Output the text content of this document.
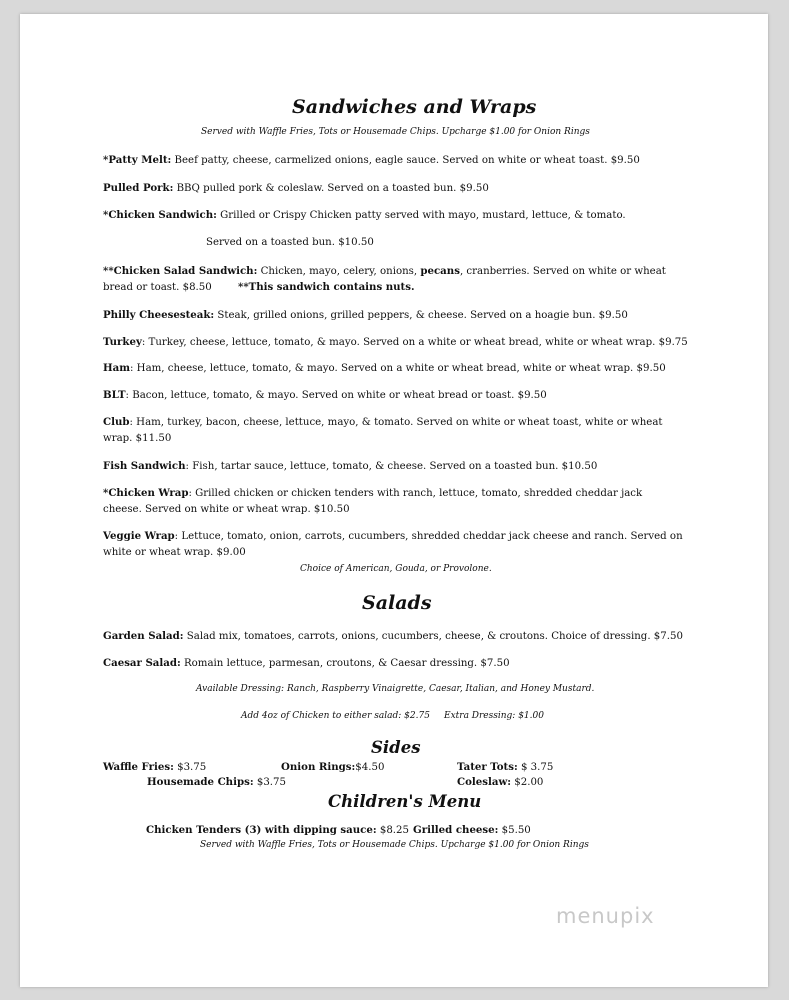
Sandwiches and Wraps
Served with Waffle Fries, Tots or Housemade Chips. Upcharge $1.00 for Onion Rings
*Patty Melt: Beef patty, cheese, carmelized onions, eagle sauce. Served on white or wheat toast. $9.50
Pulled Pork: BBQ pulled pork & coleslaw. Served on a toasted bun. $9.50
*Chicken Sandwich: Grilled or Crispy Chicken patty served with mayo, mustard, lettuce, & tomato.
Served on a toasted bun. $10.50
**Chicken Salad Sandwich: Chicken, mayo, celery, onions, pecans, cranberries. Served on white or wheat bread or toast. $8.50	**This sandwich contains nuts.
Philly Cheesesteak: Steak, grilled onions, grilled peppers, & cheese. Served on a hoagie bun. $9.50
Turkey: Turkey, cheese, lettuce, tomato, & mayo. Served on a white or wheat bread, white or wheat wrap. $9.75
Ham: Ham, cheese, lettuce, tomato, & mayo. Served on a white or wheat bread, white or wheat wrap. $9.50
BLT: Bacon, lettuce, tomato, & mayo. Served on white or wheat bread or toast. $9.50
Club: Ham, turkey, bacon, cheese, lettuce, mayo, & tomato. Served on white or wheat toast, white or wheat wrap. $11.50
Fish Sandwich: Fish, tartar sauce, lettuce, tomato, & cheese. Served on a toasted bun. $10.50
*Chicken Wrap: Grilled chicken or chicken tenders with ranch, lettuce, tomato, shredded cheddar jack cheese. Served on white or wheat wrap. $10.50
Veggie Wrap: Lettuce, tomato, onion, carrots, cucumbers, shredded cheddar jack cheese and ranch. Served on white or wheat wrap. $9.00
Choice of American, Gouda, or Provolone.
Salads
Garden Salad: Salad mix, tomatoes, carrots, onions, cucumbers, cheese, & croutons. Choice of dressing. $7.50
Caesar Salad: Romain lettuce, parmesan, croutons, & Caesar dressing. $7.50
Available Dressing: Ranch, Raspberry Vinaigrette, Caesar, Italian, and Honey Mustard.
Add 4oz of Chicken to either salad: $2.75 Extra Dressing: $1.00
Sides
Waffle Fries: $3.75	Onion Rings:$4.50	Tater Tots: $ 3.75
Housemade Chips: $3.75	Coleslaw: $2.00
Children's Menu
Chicken Tenders (3) with dipping sauce: $8.25 Grilled cheese: $5.50
Served with Waffle Fries, Tots or Housemade Chips. Upcharge $1.00 for Onion Rings
menupix
